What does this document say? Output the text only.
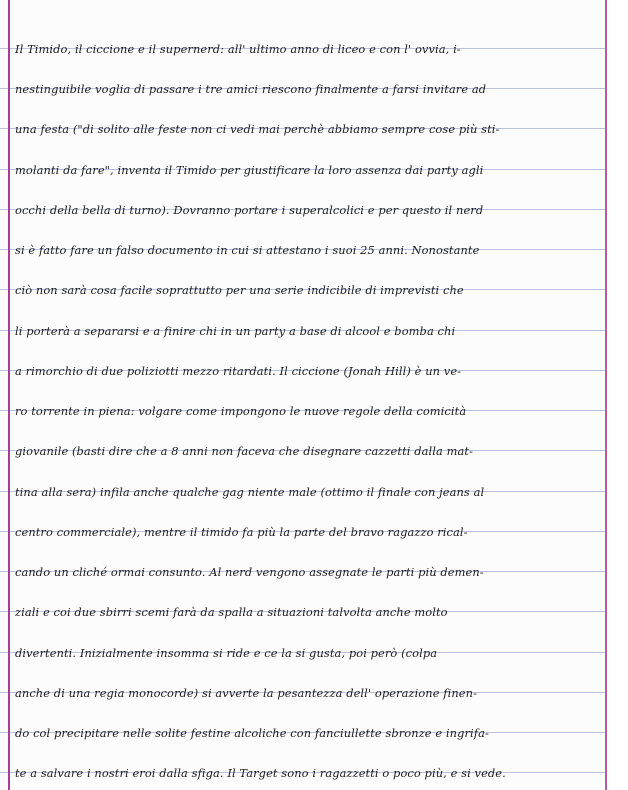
Il Timido, il ciccione e il supernerd: all' ultimo anno di liceo e con l' ovvia, i-
nestinguibile voglia di passare i tre amici riescono finalmente a farsi invitare ad
una festa ("di solito alle feste non ci vedi mai perchè abbiamo sempre cose più sti-
molanti da fare", inventa il Timido per giustificare la loro assenza dai party agli
occhi della bella di turno). Dovranno portare i superalcolici e per questo il nerd
si è fatto fare un falso documento in cui si attestano i suoi 25 anni. Nonostante
ciò non sarà cosa facile soprattutto per una serie indicibile di imprevisti che
li porterà a separarsi e a finire chi in un party a base di alcool e bomba chi
a rimorchio di due poliziotti mezzo ritardati. Il ciccione (Jonah Hill) è un ve-
ro torrente in piena: volgare come impongono le nuove regole della comicità
giovanile (basti dire che a 8 anni non faceva che disegnare cazzetti dalla mat-
tina alla sera) infila anche qualche gag niente male (ottimo il finale con jeans al
centro commerciale), mentre il timido fa più la parte del bravo ragazzo rical-
cando un cliché ormai consunto. Al nerd vengono assegnate le parti più demen-
ziali e coi due sbirri scemi farà da spalla a situazioni talvolta anche molto
divertenti. Inizialmente insomma si ride e ce la si gusta, poi però (colpa
anche di una regia monocorde) si avverte la pesantezza dell' operazione finen-
do col precipitare nelle solite festine alcoliche con fanciullette sbronze e ingrifa-
te a salvare i nostri eroi dalla sfiga. Il Target sono i ragazzetti o poco più, e si vede.
